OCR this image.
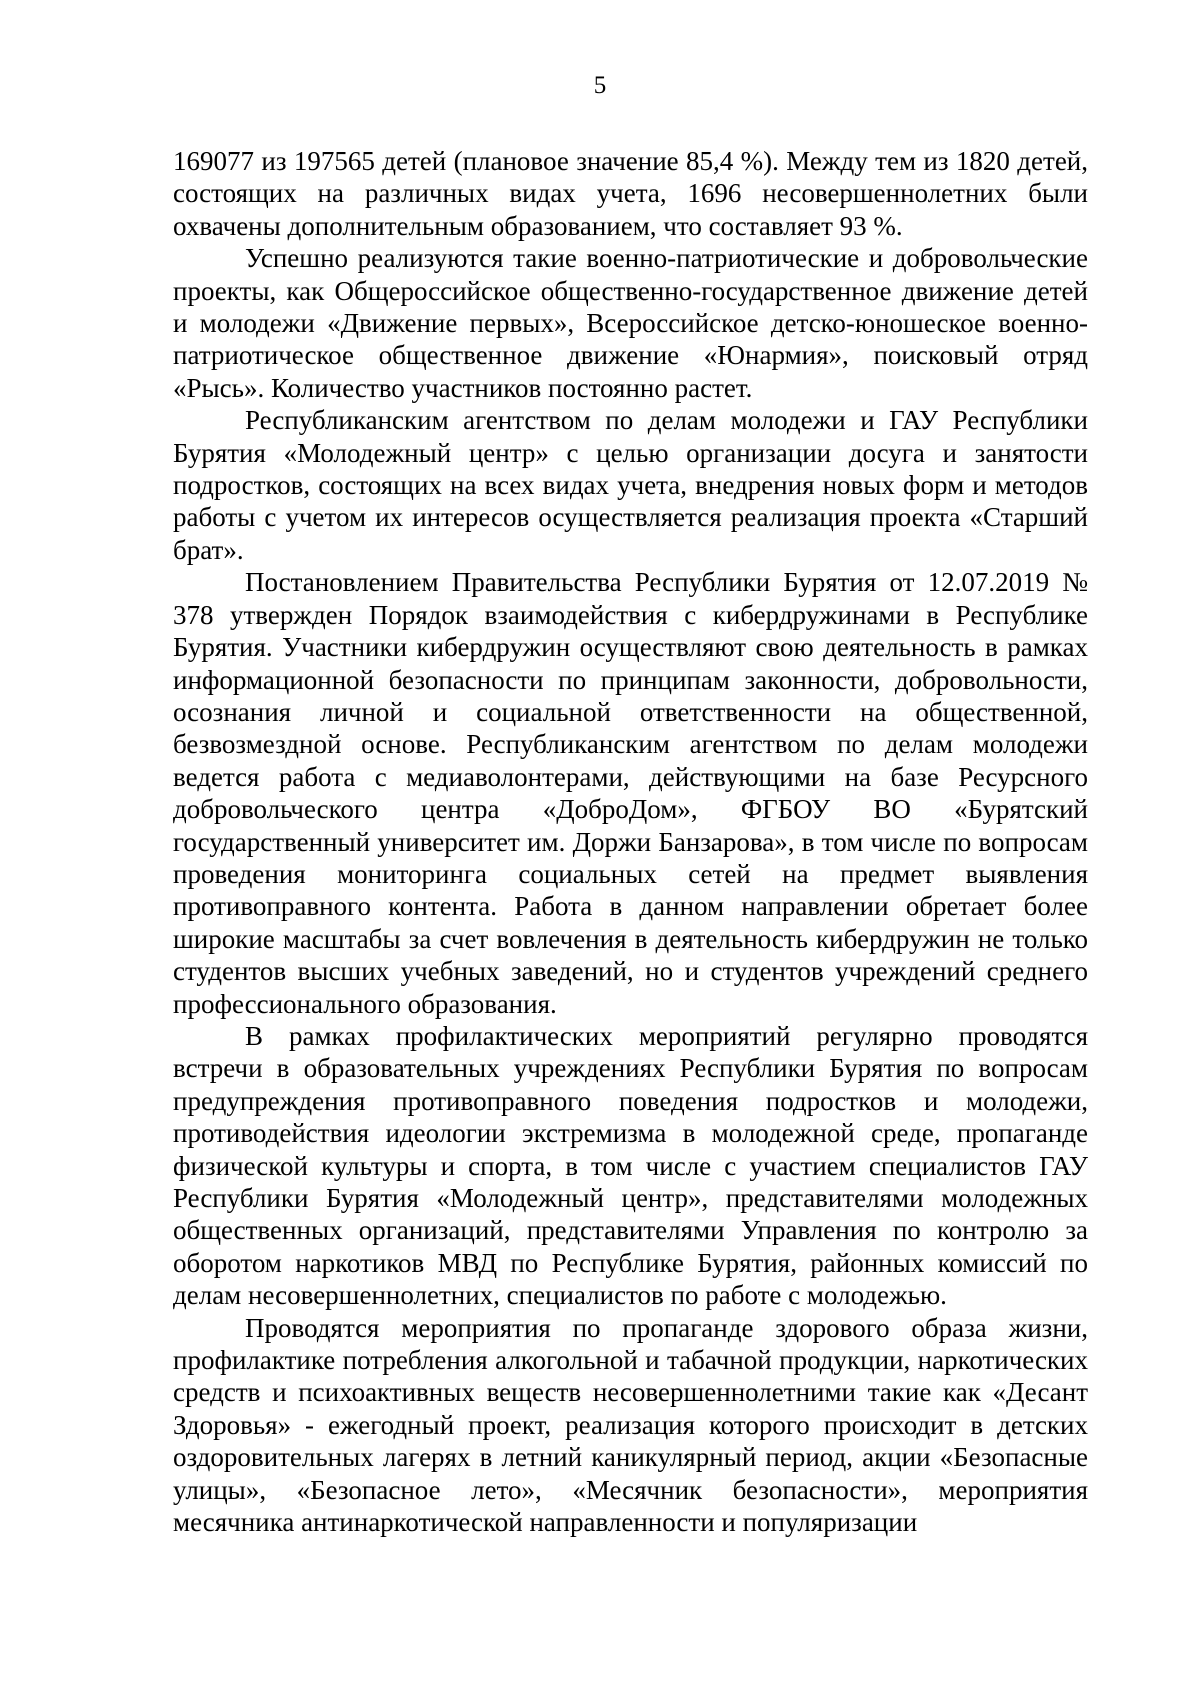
5

169077 из 197565 детей (плановое значение 85,4 %). Между тем из 1820 детей, состоящих на различных видах учета, 1696 несовершеннолетних были охвачены дополнительным образованием, что составляет 93 %.

Успешно реализуются такие военно-патриотические и добровольческие проекты, как Общероссийское общественно-государственное движение детей и молодежи «Движение первых», Всероссийское детско-юношеское военно-патриотическое общественное движение «Юнармия», поисковый отряд «Рысь». Количество участников постоянно растет.

Республиканским агентством по делам молодежи и ГАУ Республики Бурятия «Молодежный центр» с целью организации досуга и занятости подростков, состоящих на всех видах учета, внедрения новых форм и методов работы с учетом их интересов осуществляется реализация проекта «Старший брат».

Постановлением Правительства Республики Бурятия от 12.07.2019 № 378 утвержден Порядок взаимодействия с кибердружинами в Республике Бурятия. Участники кибердружин осуществляют свою деятельность в рамках информационной безопасности по принципам законности, добровольности, осознания личной и социальной ответственности на общественной, безвозмездной основе. Республиканским агентством по делам молодежи ведется работа с медиаволонтерами, действующими на базе Ресурсного добровольческого центра «ДоброДом», ФГБОУ ВО «Бурятский государственный университет им. Доржи Банзарова», в том числе по вопросам проведения мониторинга социальных сетей на предмет выявления противоправного контента. Работа в данном направлении обретает более широкие масштабы за счет вовлечения в деятельность кибердружин не только студентов высших учебных заведений, но и студентов учреждений среднего профессионального образования.

В рамках профилактических мероприятий регулярно проводятся встречи в образовательных учреждениях Республики Бурятия по вопросам предупреждения противоправного поведения подростков и молодежи, противодействия идеологии экстремизма в молодежной среде, пропаганде физической культуры и спорта, в том числе с участием специалистов ГАУ Республики Бурятия «Молодежный центр», представителями молодежных общественных организаций, представителями Управления по контролю за оборотом наркотиков МВД по Республике Бурятия, районных комиссий по делам несовершеннолетних, специалистов по работе с молодежью.

Проводятся мероприятия по пропаганде здорового образа жизни, профилактике потребления алкогольной и табачной продукции, наркотических средств и психоактивных веществ несовершеннолетними такие как «Десант Здоровья» - ежегодный проект, реализация которого происходит в детских оздоровительных лагерях в летний каникулярный период, акции «Безопасные улицы», «Безопасное лето», «Месячник безопасности», мероприятия месячника антинаркотической направленности и популяризации
